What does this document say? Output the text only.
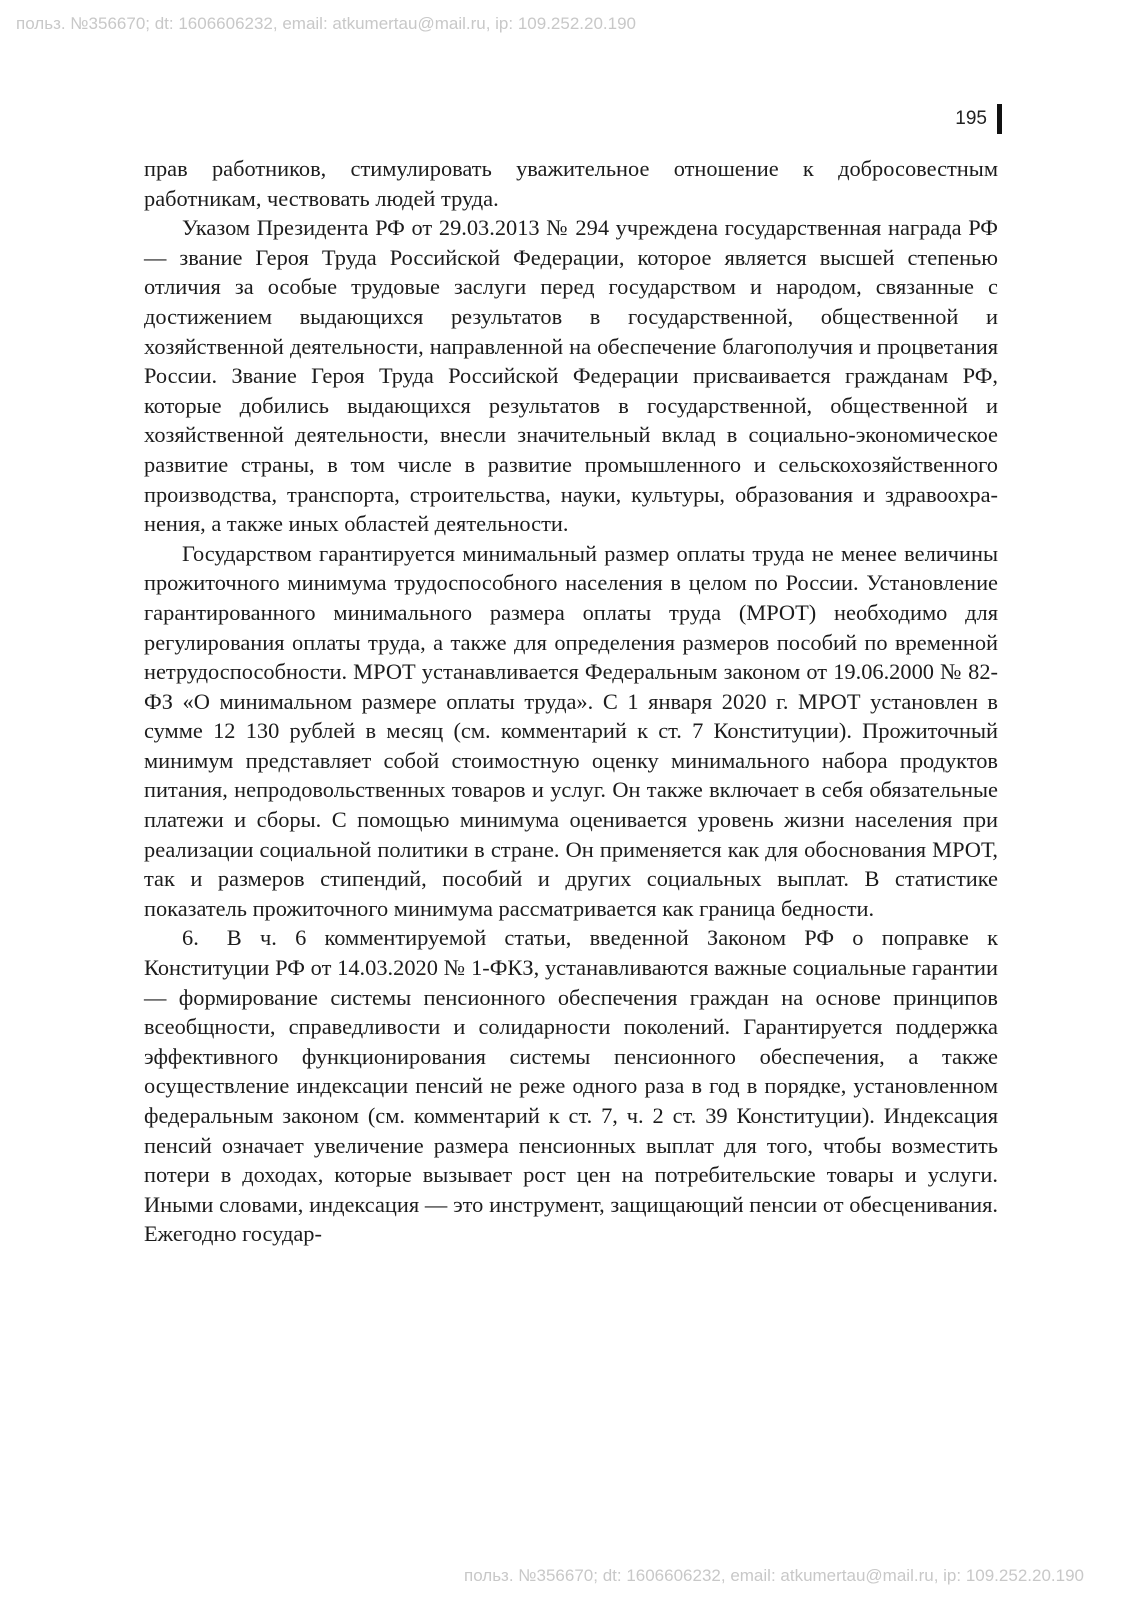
польз. №356670; dt: 1606606232, email: atkumertau@mail.ru, ip: 109.252.20.190
195

прав работников, стимулировать уважительное отношение к добросовестным работникам, чествовать людей труда.

Указом Президента РФ от 29.03.2013 № 294 учреждена государственная награда РФ — звание Героя Труда Российской Федерации, которое является высшей степенью отличия за особые трудовые заслуги перед государством и народом, связанные с достижением выдающихся результатов в государственной, общественной и хозяйственной деятельности, направленной на обеспечение благополучия и процветания России. Звание Героя Труда Российской Федерации присваивается гражданам РФ, которые добились выдающихся результатов в государственной, общественной и хозяйственной деятельности, внесли значительный вклад в социально-экономическое развитие страны, в том числе в развитие промышленного и сельскохозяйственного производства, транспорта, строительства, науки, культуры, образования и здравоохранения, а также иных областей деятельности.

Государством гарантируется минимальный размер оплаты труда не менее величины прожиточного минимума трудоспособного населения в целом по России. Установление гарантированного минимального размера оплаты труда (МРОТ) необходимо для регулирования оплаты труда, а также для определения размеров пособий по временной нетрудоспособности. МРОТ устанавливается Федеральным законом от 19.06.2000 № 82-ФЗ «О минимальном размере оплаты труда». С 1 января 2020 г. МРОТ установлен в сумме 12 130 рублей в месяц (см. комментарий к ст. 7 Конституции). Прожиточный минимум представляет собой стоимостную оценку минимального набора продуктов питания, непродовольственных товаров и услуг. Он также включает в себя обязательные платежи и сборы. С помощью минимума оценивается уровень жизни населения при реализации социальной политики в стране. Он применяется как для обоснования МРОТ, так и размеров стипендий, пособий и других социальных выплат. В статистике показатель прожиточного минимума рассматривается как граница бедности.

6. В ч. 6 комментируемой статьи, введенной Законом РФ о поправке к Конституции РФ от 14.03.2020 № 1-ФКЗ, устанавливаются важные социальные гарантии — формирование системы пенсионного обеспечения граждан на основе принципов всеобщности, справедливости и солидарности поколений. Гарантируется поддержка эффективного функционирования системы пенсионного обеспечения, а также осуществление индексации пенсий не реже одного раза в год в порядке, установленном федеральным законом (см. комментарий к ст. 7, ч. 2 ст. 39 Конституции). Индексация пенсий означает увеличение размера пенсионных выплат для того, чтобы возместить потери в доходах, которые вызывает рост цен на потребительские товары и услуги. Иными словами, индексация — это инструмент, защищающий пенсии от обесценивания. Ежегодно государ-

польз. №356670; dt: 1606606232, email: atkumertau@mail.ru, ip: 109.252.20.190
